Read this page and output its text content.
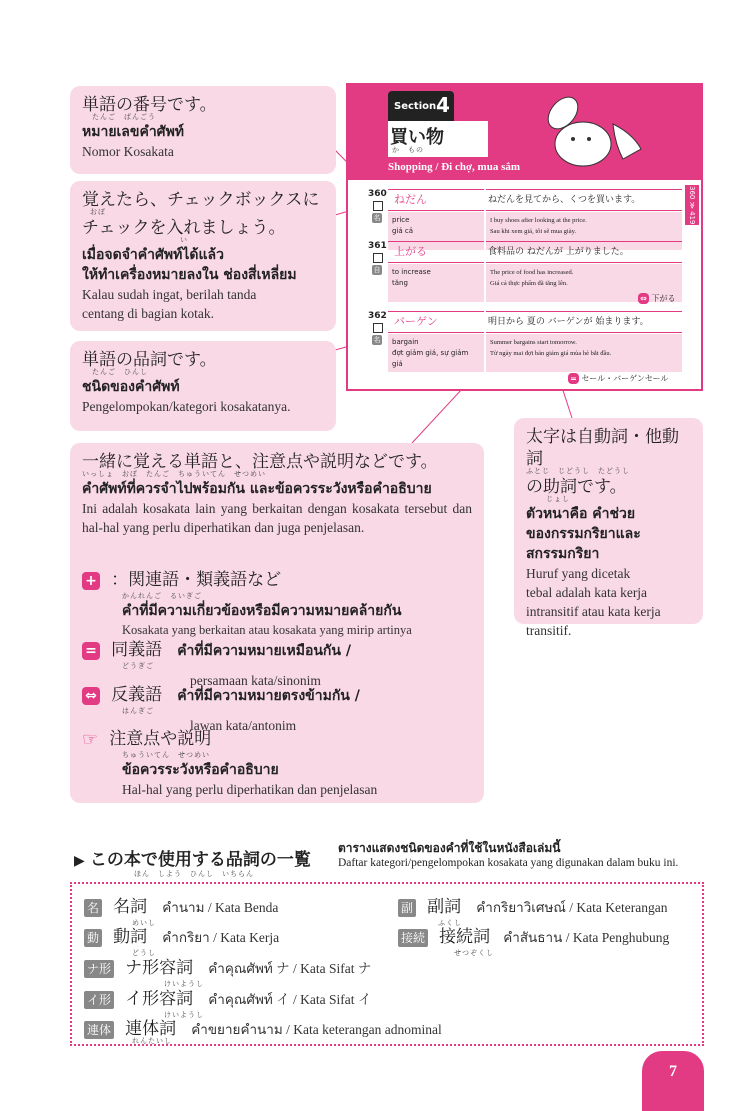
単語の番号です。
たんご　ばんごう
หมายเลขคำศัพท์
Nomor Kosakata
覚えたら、チェックボックスに
おぼ
チェックを入れましょう。
い
เมื่อจดจำคำศัพท์ได้แล้ว
ให้ทำเครื่องหมายลงใน ช่องสี่เหลี่ยม
Kalau sudah ingat, berilah tanda
centang di bagian kotak.
単語の品詞です。
たんご　ひんし
ชนิดของคำศัพท์
Pengelompokan/kategori kosakatanya.
Section 4
買い物
か　もの
Shopping / Đi chợ, mua sắm
360 ≫ 419
360
名
ねだん	ねだんを見てから、くつを買います。
price
giá cả
I buy shoes after looking at the price.
Sau khi xem giá, tôi sẽ mua giày.
361
自
上がる	食料品の ねだんが 上がりました。
to increase
tăng
The price of food has increased.
Giá cả thực phẩm đã tăng lên.
⇔ 下がる
362
名
バーゲン	明日から 夏の バーゲンが 始まります。
bargain
đợt giảm giá, sự giảm giá
Summer bargains start tomorrow.
Từ ngày mai đợt bán giảm giá mùa hè bắt đầu.
= セール・バーゲンセール
太字は自動詞・他動詞
ふとじ　じどうし　たどうし
の助詞です。
じょし
ตัวหนาคือ คำช่วย
ของกรรมกริยาและ
สกรรมกริยา
Huruf yang dicetak
tebal adalah kata kerja
intransitif atau kata kerja
transitif.
一緒に覚える単語と、注意点や説明などです。
いっしょ　おぼ　たんご　ちゅういてん　せつめい
คำศัพท์ที่ควรจำไปพร้อมกัน และข้อควรระวังหรือคำอธิบาย
Ini adalah kosakata lain yang berkaitan dengan kosakata tersebut dan hal-hal yang perlu diperhatikan dan juga penjelasan.
+ ：関連語・類義語など
かんれんご　るいぎご
คำที่มีความเกี่ยวข้องหรือมีความหมายคล้ายกัน
Kosakata yang berkaitan atau kosakata yang mirip artinya
= 同義語 คำที่มีความหมายเหมือนกัน /
どうぎご
persamaan kata/sinonim
⇔ 反義語 คำที่มีความหมายตรงข้ามกัน /
はんぎご
lawan kata/antonim
☞ 注意点や説明
ちゅういてん　せつめい
ข้อควรระวังหรือคำอธิบาย
Hal-hal yang perlu diperhatikan dan penjelasan
▶ この本で使用する品詞の一覧
ほん　しよう　ひんし　いちらん
ตารางแสดงชนิดของคำที่ใช้ในหนังสือเล่มนี้
Daftar kategori/pengelompokan kosakata yang digunakan dalam buku ini.
名 名詞 คำนาม / Kata Benda
めいし
副 副詞 คำกริยาวิเศษณ์ / Kata Keterangan
ふくし
動 動詞 คำกริยา / Kata Kerja
どうし
接続 接続詞 คำสันธาน / Kata Penghubung
せつぞくし
ナ形 ナ形容詞 คำคุณศัพท์ ナ / Kata Sifat ナ
けいようし
イ形 イ形容詞 คำคุณศัพท์ イ / Kata Sifat イ
けいようし
連体 連体詞 คำขยายคำนาม / Kata keterangan adnominal
れんたいし
7
